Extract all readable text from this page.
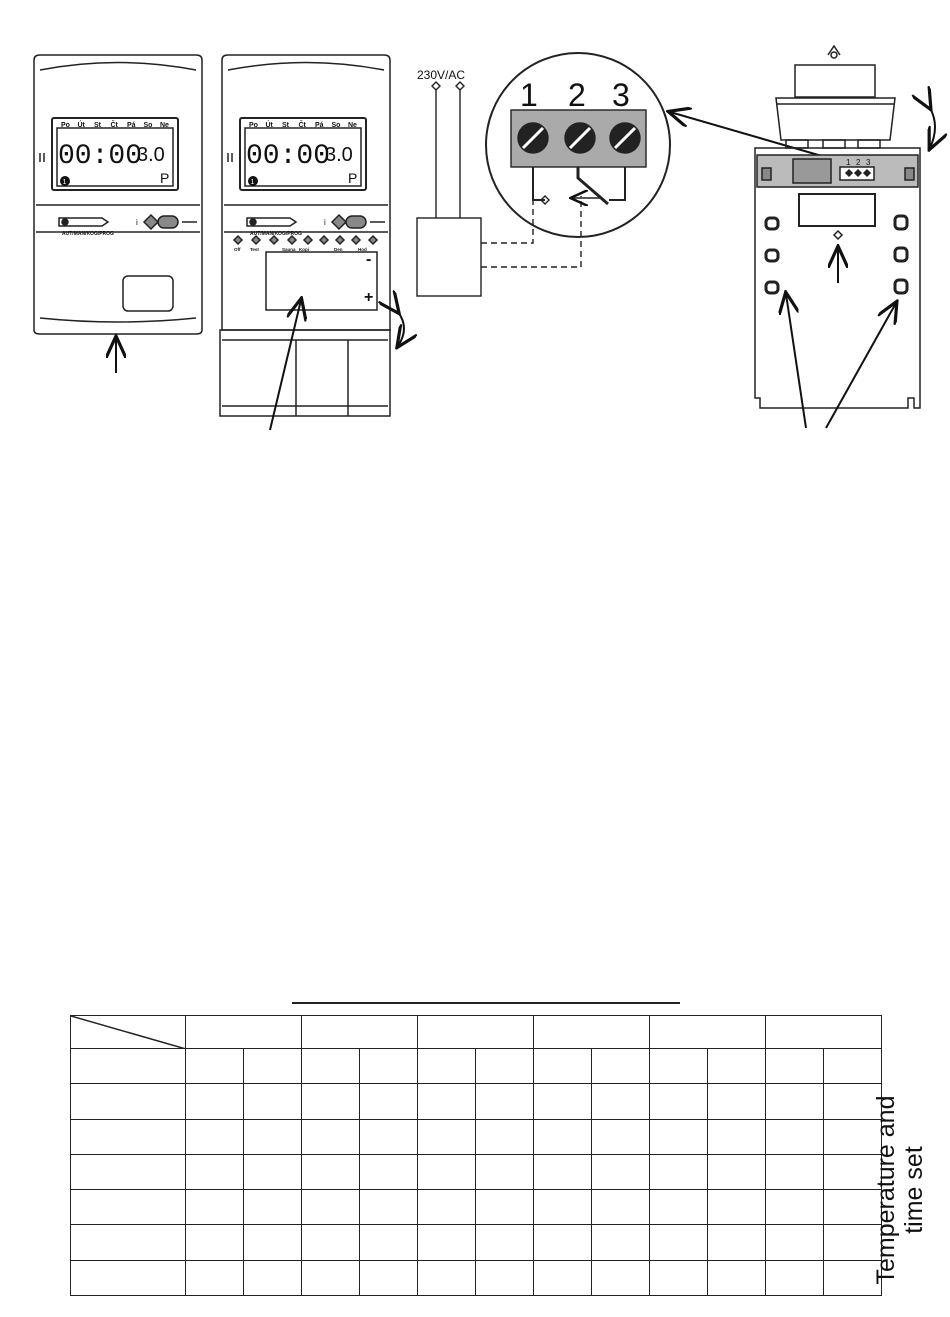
Po Út St Čt Pá So Ne
00:00
3.0
P
1
AUT/MAN/KOG/PROG
i
Po Út St Čt Pá So Ne
00:00
3.0
P
1
AUT/MAN/KOG/PROG
i
-
+
Off Test	Sauna Kopí	Den	Hod
230V/AC
1 2 3
1 2 3

Temperature and time set
